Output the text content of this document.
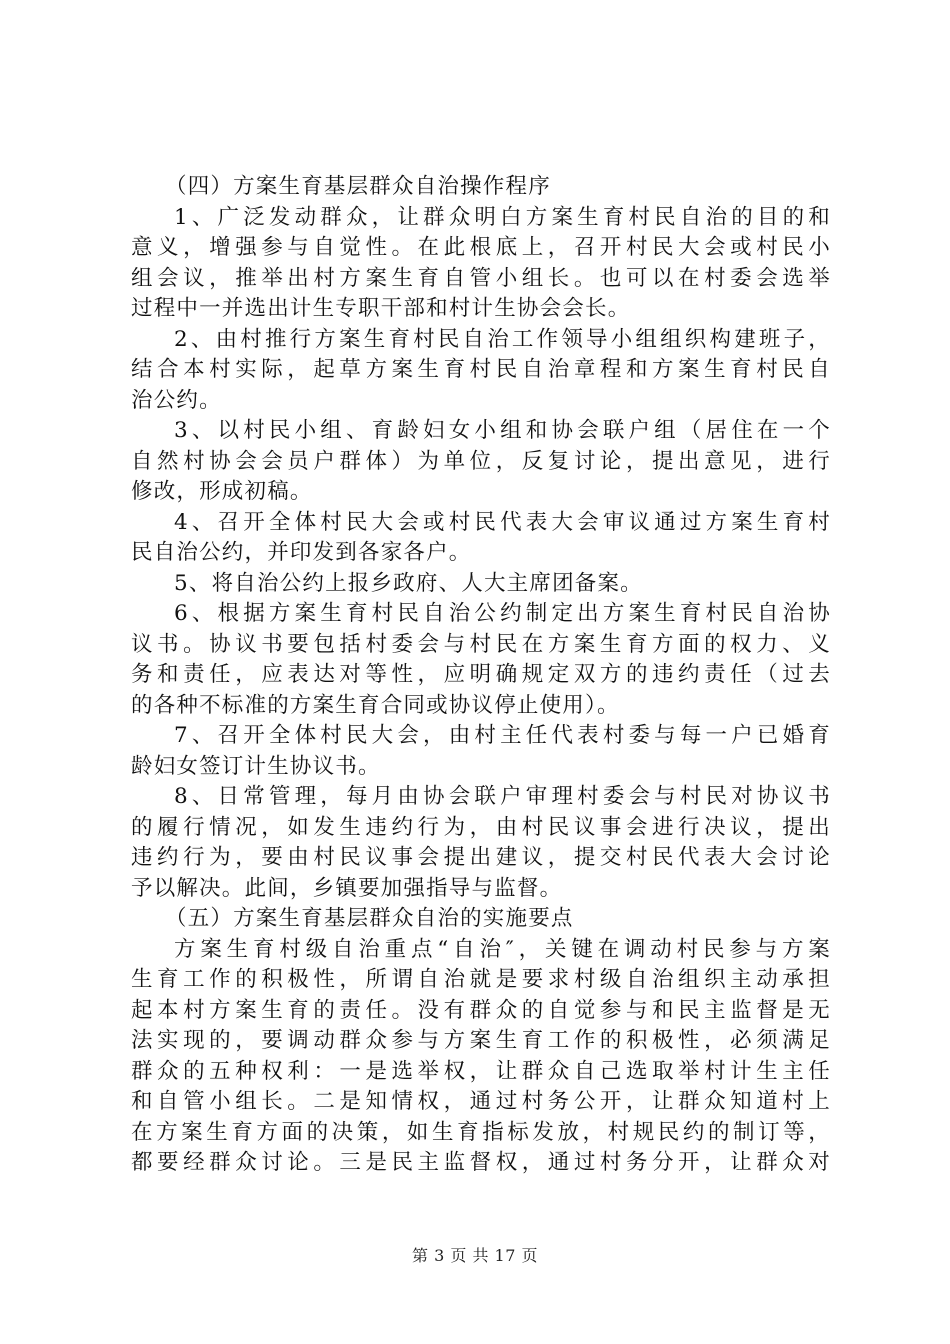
（四）方案生育基层群众自治操作程序
1、广泛发动群众，让群众明白方案生育村民自治的目的和
意义，增强参与自觉性。在此根底上，召开村民大会或村民小
组会议，推举出村方案生育自管小组长。也可以在村委会选举
过程中一并选出计生专职干部和村计生协会会长。
2、由村推行方案生育村民自治工作领导小组组织构建班子，
结合本村实际，起草方案生育村民自治章程和方案生育村民自
治公约。
3、以村民小组、育龄妇女小组和协会联户组（居住在一个
自然村协会会员户群体）为单位，反复讨论，提出意见，进行
修改，形成初稿。
4、召开全体村民大会或村民代表大会审议通过方案生育村
民自治公约，并印发到各家各户。
5、将自治公约上报乡政府、人大主席团备案。
6、根据方案生育村民自治公约制定出方案生育村民自治协
议书。协议书要包括村委会与村民在方案生育方面的权力、义
务和责任，应表达对等性，应明确规定双方的违约责任（过去
的各种不标准的方案生育合同或协议停止使用）。
7、召开全体村民大会，由村主任代表村委与每一户已婚育
龄妇女签订计生协议书。
8、日常管理，每月由协会联户审理村委会与村民对协议书
的履行情况，如发生违约行为，由村民议事会进行决议，提出
违约行为，要由村民议事会提出建议，提交村民代表大会讨论
予以解决。此间，乡镇要加强指导与监督。
（五）方案生育基层群众自治的实施要点
方案生育村级自治重点“自治″，关键在调动村民参与方案
生育工作的积极性，所谓自治就是要求村级自治组织主动承担
起本村方案生育的责任。没有群众的自觉参与和民主监督是无
法实现的，要调动群众参与方案生育工作的积极性，必须满足
群众的五种权利：一是选举权，让群众自己选取举村计生主任
和自管小组长。二是知情权，通过村务公开，让群众知道村上
在方案生育方面的决策，如生育指标发放，村规民约的制订等，
都要经群众讨论。三是民主监督权，通过村务分开，让群众对
第 3 页 共 17 页
